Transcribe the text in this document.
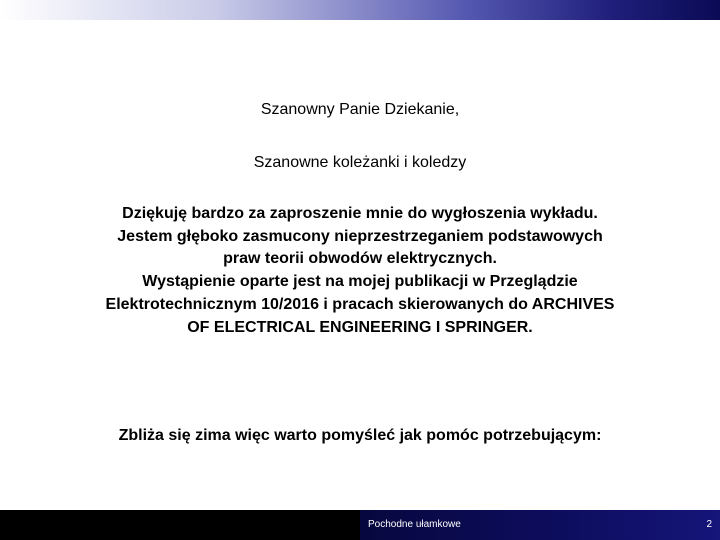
Szanowny Panie Dziekanie,
Szanowne koleżanki i koledzy
Dziękuję bardzo za zaproszenie mnie do wygłoszenia wykładu.
Jestem głęboko zasmucony nieprzestrzeganiem podstawowych
praw teorii obwodów elektrycznych.
Wystąpienie oparte jest na mojej publikacji w Przeglądzie
Elektrotechnicznym 10/2016 i pracach skierowanych do ARCHIVES
OF ELECTRICAL ENGINEERING I SPRINGER.
Zbliża się zima więc warto pomyśleć jak pomóc potrzebującym:
Pochodne ułamkowe	2
